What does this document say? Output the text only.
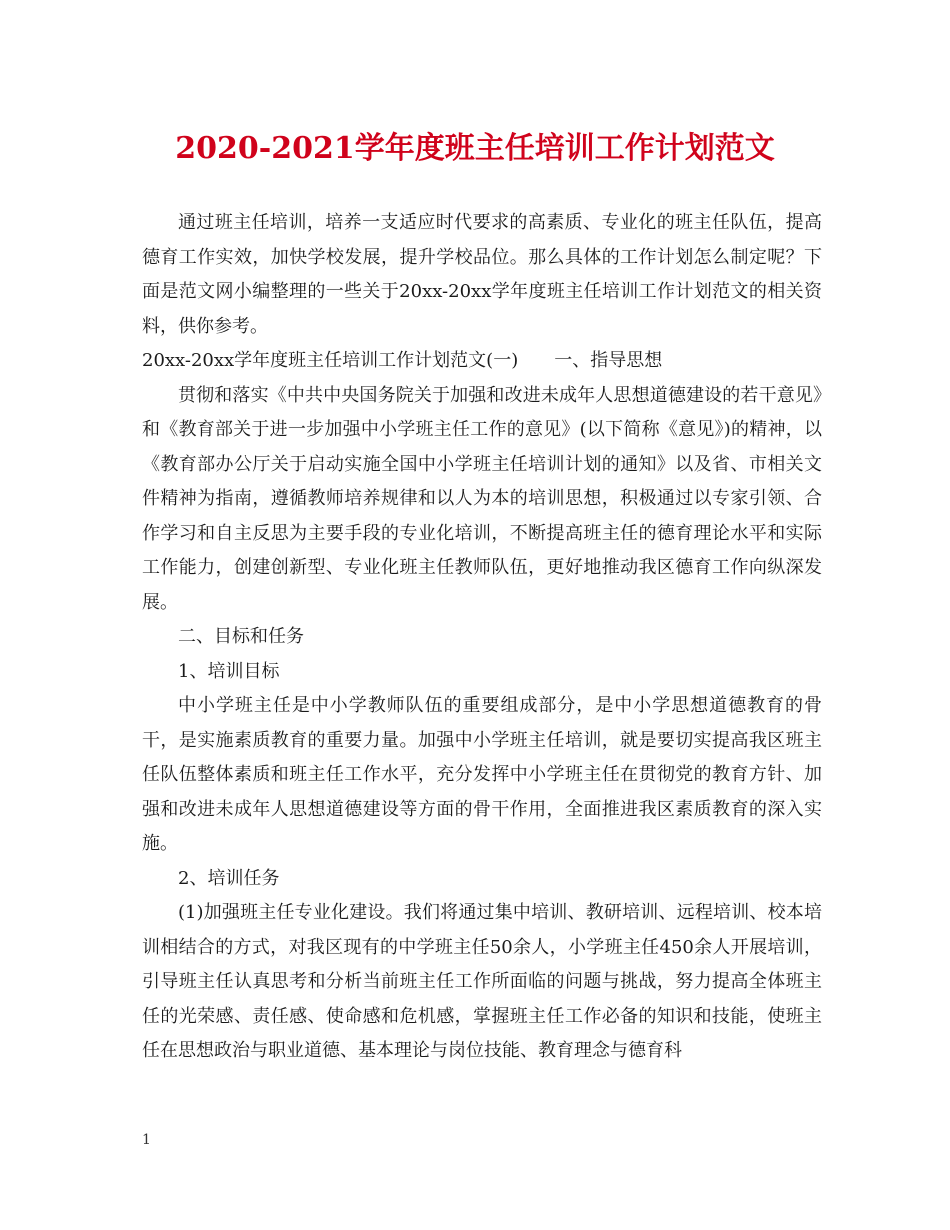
2020-2021学年度班主任培训工作计划范文

通过班主任培训，培养一支适应时代要求的高素质、专业化的班主任队伍，提高德育工作实效，加快学校发展，提升学校品位。那么具体的工作计划怎么制定呢？下面是范文网小编整理的一些关于20xx-20xx学年度班主任培训工作计划范文的相关资料，供你参考。

20xx-20xx学年度班主任培训工作计划范文(一)　　一、指导思想

贯彻和落实《中共中央国务院关于加强和改进未成年人思想道德建设的若干意见》和《教育部关于进一步加强中小学班主任工作的意见》(以下简称《意见》)的精神，以《教育部办公厅关于启动实施全国中小学班主任培训计划的通知》以及省、市相关文件精神为指南，遵循教师培养规律和以人为本的培训思想，积极通过以专家引领、合作学习和自主反思为主要手段的专业化培训，不断提高班主任的德育理论水平和实际工作能力，创建创新型、专业化班主任教师队伍，更好地推动我区德育工作向纵深发展。

二、目标和任务

1、培训目标

中小学班主任是中小学教师队伍的重要组成部分，是中小学思想道德教育的骨干，是实施素质教育的重要力量。加强中小学班主任培训，就是要切实提高我区班主任队伍整体素质和班主任工作水平，充分发挥中小学班主任在贯彻党的教育方针、加强和改进未成年人思想道德建设等方面的骨干作用，全面推进我区素质教育的深入实施。

2、培训任务

(1)加强班主任专业化建设。我们将通过集中培训、教研培训、远程培训、校本培训相结合的方式，对我区现有的中学班主任50余人，小学班主任450余人开展培训，引导班主任认真思考和分析当前班主任工作所面临的问题与挑战，努力提高全体班主任的光荣感、责任感、使命感和危机感，掌握班主任工作必备的知识和技能，使班主任在思想政治与职业道德、基本理论与岗位技能、教育理念与德育科

1
